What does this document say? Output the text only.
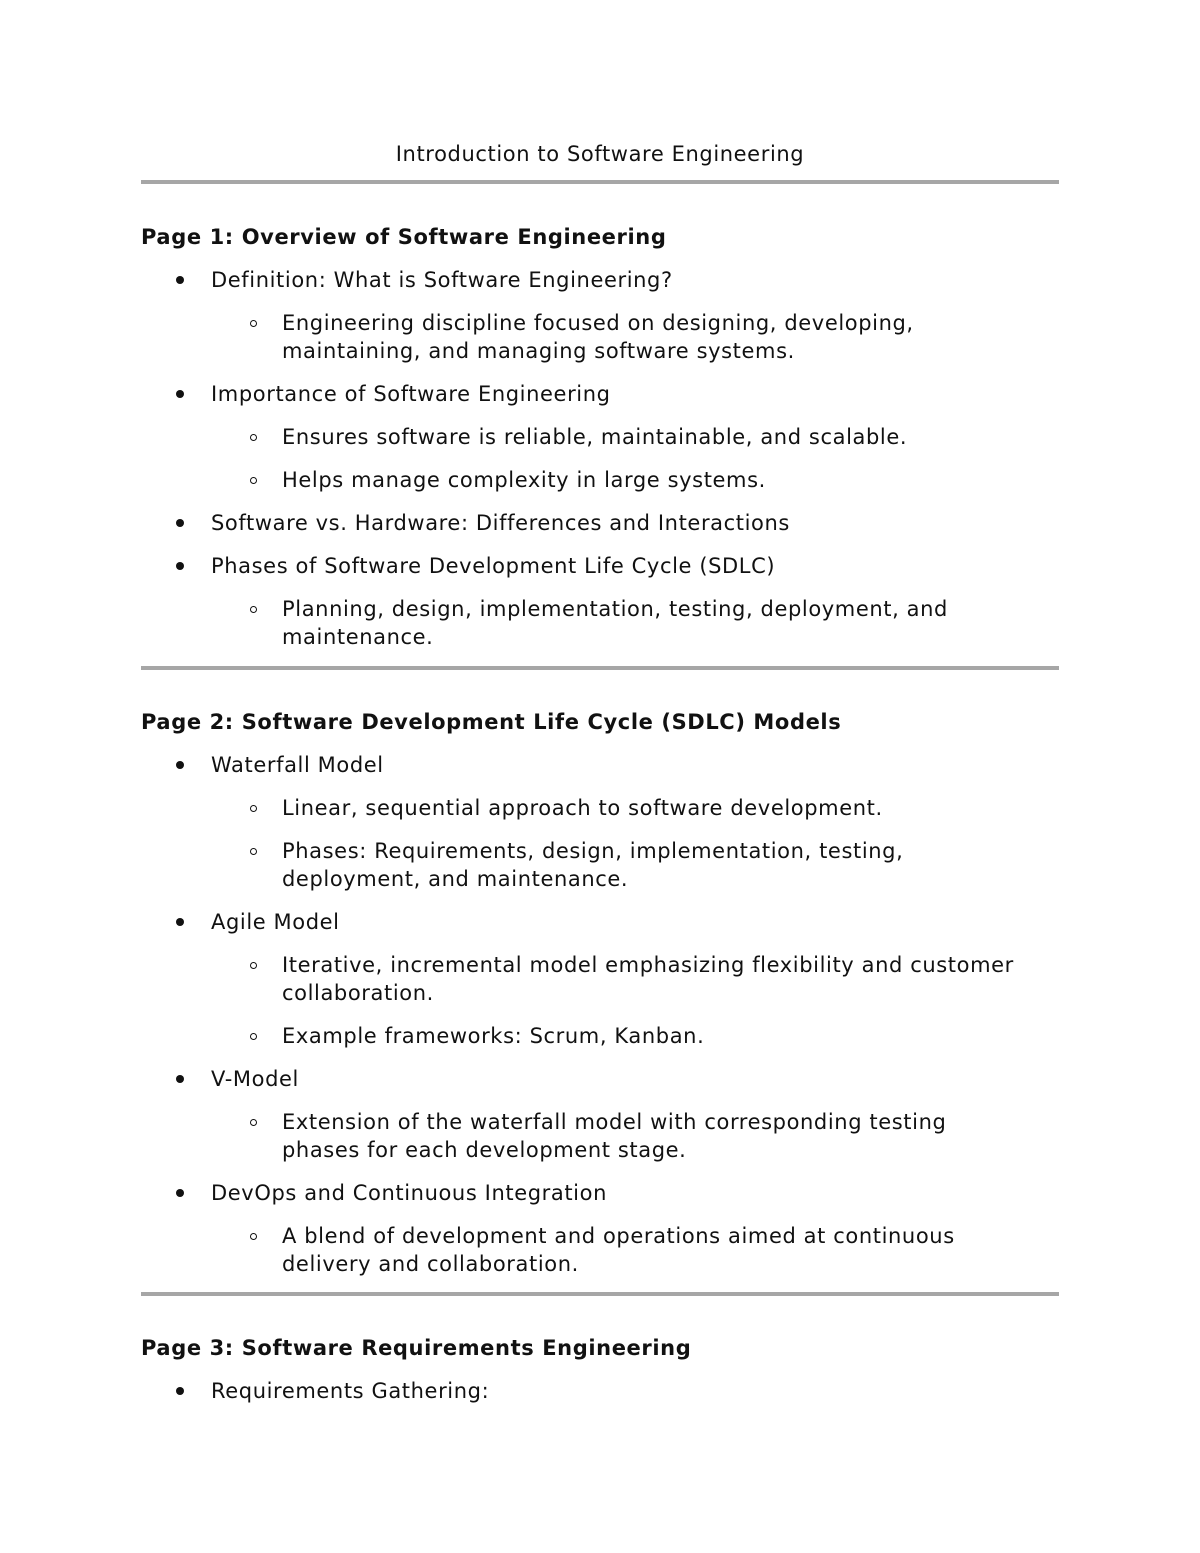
Introduction to Software Engineering
Page 1: Overview of Software Engineering
Definition: What is Software Engineering?
Engineering discipline focused on designing, developing, maintaining, and managing software systems.
Importance of Software Engineering
Ensures software is reliable, maintainable, and scalable.
Helps manage complexity in large systems.
Software vs. Hardware: Differences and Interactions
Phases of Software Development Life Cycle (SDLC)
Planning, design, implementation, testing, deployment, and maintenance.
Page 2: Software Development Life Cycle (SDLC) Models
Waterfall Model
Linear, sequential approach to software development.
Phases: Requirements, design, implementation, testing, deployment, and maintenance.
Agile Model
Iterative, incremental model emphasizing flexibility and customer collaboration.
Example frameworks: Scrum, Kanban.
V-Model
Extension of the waterfall model with corresponding testing phases for each development stage.
DevOps and Continuous Integration
A blend of development and operations aimed at continuous delivery and collaboration.
Page 3: Software Requirements Engineering
Requirements Gathering:
